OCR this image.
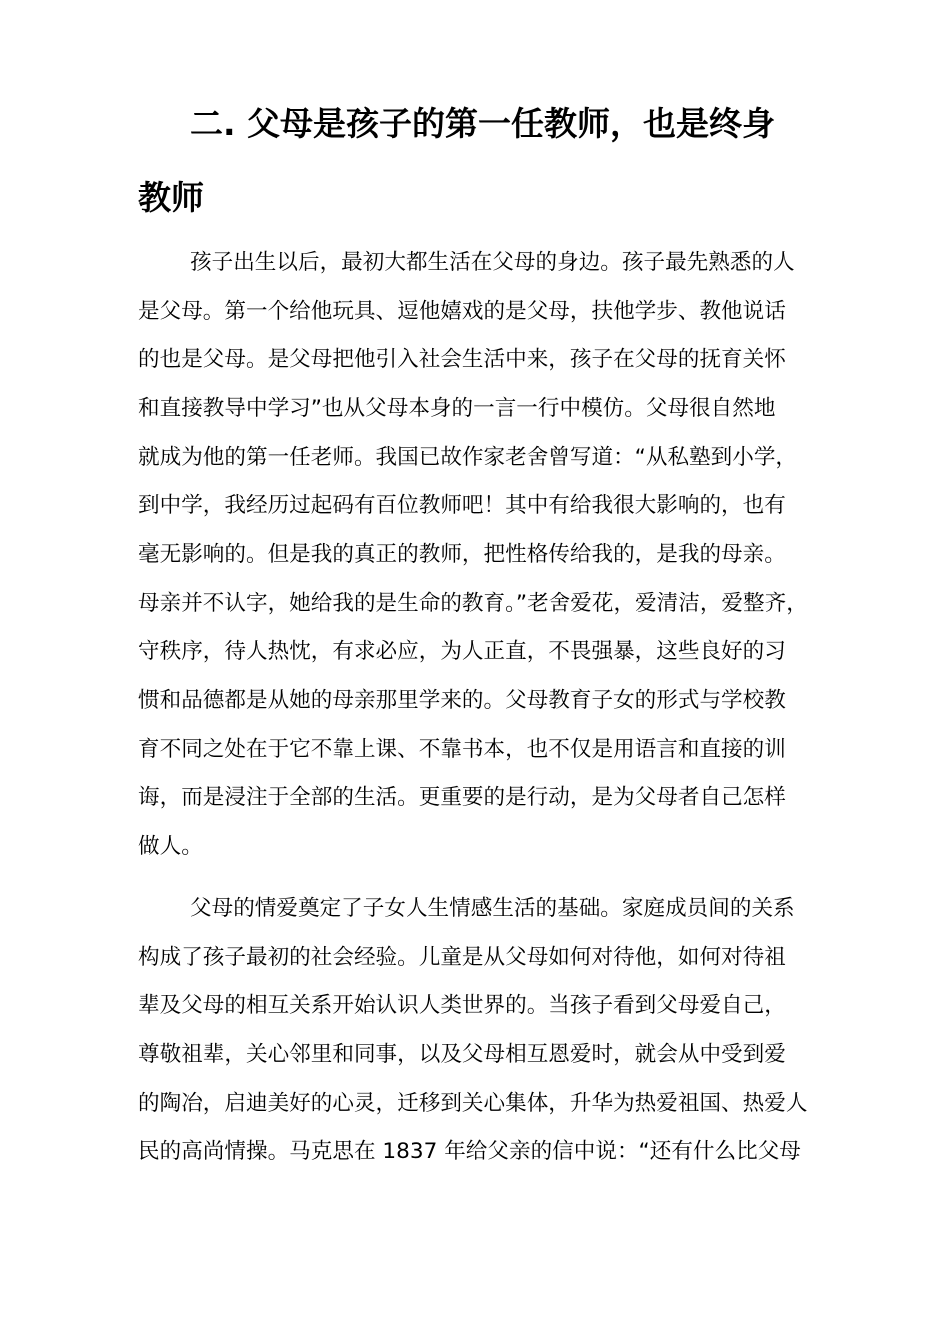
二. 父母是孩子的第一任教师，也是终身
教师
孩子出生以后，最初大都生活在父母的身边。孩子最先熟悉的人
是父母。第一个给他玩具、逗他嬉戏的是父母，扶他学步、教他说话
的也是父母。是父母把他引入社会生活中来，孩子在父母的抚育关怀
和直接教导中学习”也从父母本身的一言一行中模仿。父母很自然地
就成为他的第一任老师。我国已故作家老舍曾写道：“从私塾到小学，
到中学，我经历过起码有百位教师吧！其中有给我很大影响的，也有
毫无影响的。但是我的真正的教师，把性格传给我的，是我的母亲。
母亲并不认字，她给我的是生命的教育。”老舍爱花，爱清洁，爱整齐，
守秩序，待人热忱，有求必应，为人正直，不畏强暴，这些良好的习
惯和品德都是从她的母亲那里学来的。父母教育子女的形式与学校教
育不同之处在于它不靠上课、不靠书本，也不仅是用语言和直接的训
诲，而是浸注于全部的生活。更重要的是行动，是为父母者自己怎样
做人。
父母的情爱奠定了子女人生情感生活的基础。家庭成员间的关系
构成了孩子最初的社会经验。儿童是从父母如何对待他，如何对待祖
辈及父母的相互关系开始认识人类世界的。当孩子看到父母爱自己，
尊敬祖辈，关心邻里和同事，以及父母相互恩爱时，就会从中受到爱
的陶冶，启迪美好的心灵，迁移到关心集体，升华为热爱祖国、热爱人
民的高尚情操。马克思在 1837 年给父亲的信中说：“还有什么比父母
